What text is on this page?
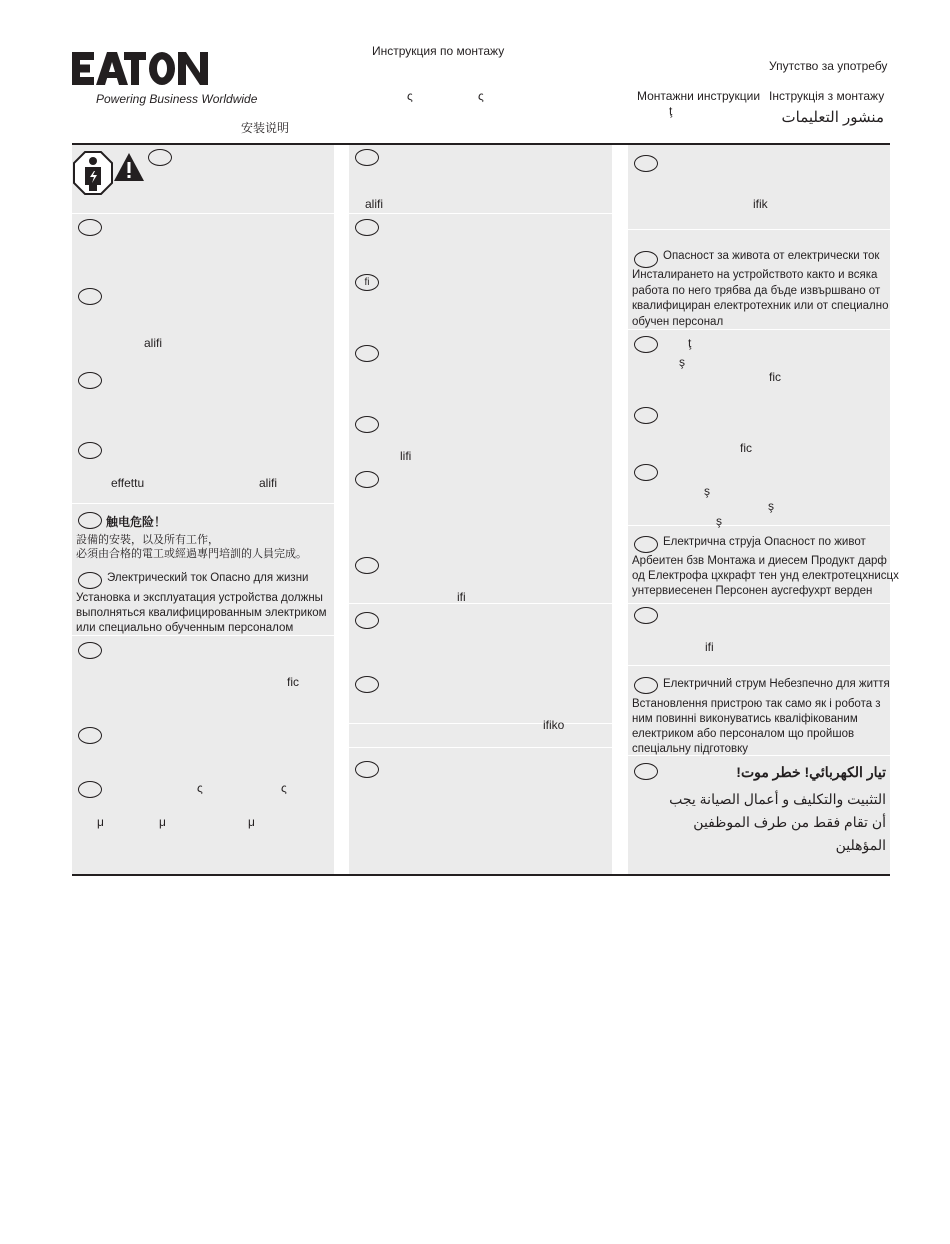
Powering Business Worldwide
Инструкция по монтажу
Упутство за употребу
ς	ς	Монтажни инструкции Інструкція з монтажу
ţ	منشور التعليمات
安装说明
alifi
effettu	alifi
触电危险！
設備的安裝，以及所有工作，
必須由合格的電工或經過專門培訓的人員完成。
Электрический ток Опасно для жизни
Установка и эксплуатация устройства должны
выполняться квалифицированным электриком
или специально обученным персоналом
fic
ς	ς
μ	μ	μ
alifi
fi
lifi
ifi
ifiko
ifik
Опасност за живота от електрически ток
Инсталирането на устройството както и всяка
работа по него трябва да бъде извършвано от
квалифициран електротехник или от специално
обучен персонал
ţ
ş
fic
fic
ş
ş
ş
Електрична струја Опасност по живот
Арбеитен бзв Монтажа и диесем Продукт дарф
од Електрофа цхкрафт тен унд електротецхнисцх
унтервиесенен Персонен аусгефухрт верден
ifi
Електричний струм Небезпечно для життя
Встановлення пристрою так само як і робота з
ним повинні виконуватись кваліфікованим
електриком або персоналом що пройшов
спеціальну підготовку
تيار الكهربائي! خطر موت!
التثبيت والتكليف و أعمال الصيانة يجب
أن تقام فقط من طرف الموظفين
المؤهلين
